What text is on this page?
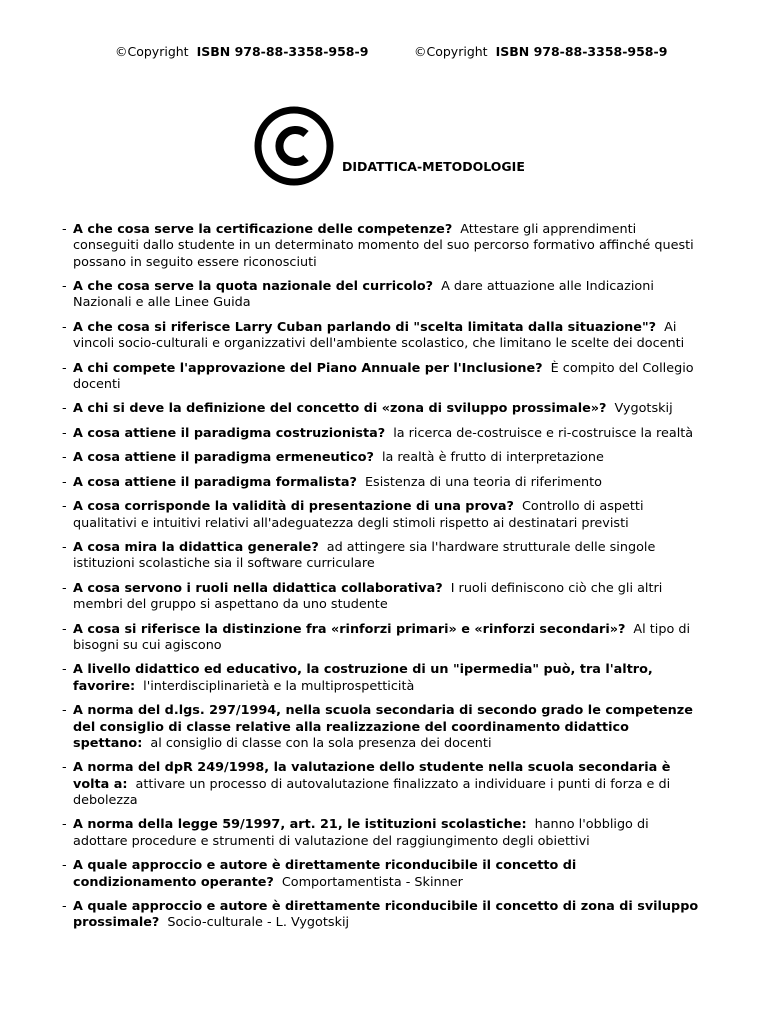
©Copyright ISBN 978-88-3358-958-9	©Copyright ISBN 978-88-3358-958-9
DIDATTICA-METODOLOGIE
- A che cosa serve la certificazione delle competenze? Attestare gli apprendimenti conseguiti dallo studente in un determinato momento del suo percorso formativo affinché questi possano in seguito essere riconosciuti
- A che cosa serve la quota nazionale del curricolo? A dare attuazione alle Indicazioni Nazionali e alle Linee Guida
- A che cosa si riferisce Larry Cuban parlando di "scelta limitata dalla situazione"? Ai vincoli socio-culturali e organizzativi dell'ambiente scolastico, che limitano le scelte dei docenti
- A chi compete l'approvazione del Piano Annuale per l'Inclusione? È compito del Collegio docenti
- A chi si deve la definizione del concetto di «zona di sviluppo prossimale»? Vygotskij
- A cosa attiene il paradigma costruzionista? la ricerca de-costruisce e ri-costruisce la realtà
- A cosa attiene il paradigma ermeneutico? la realtà è frutto di interpretazione
- A cosa attiene il paradigma formalista? Esistenza di una teoria di riferimento
- A cosa corrisponde la validità di presentazione di una prova? Controllo di aspetti qualitativi e intuitivi relativi all'adeguatezza degli stimoli rispetto ai destinatari previsti
- A cosa mira la didattica generale? ad attingere sia l'hardware strutturale delle singole istituzioni scolastiche sia il software curriculare
- A cosa servono i ruoli nella didattica collaborativa? I ruoli definiscono ciò che gli altri membri del gruppo si aspettano da uno studente
- A cosa si riferisce la distinzione fra «rinforzi primari» e «rinforzi secondari»? Al tipo di bisogni su cui agiscono
- A livello didattico ed educativo, la costruzione di un "ipermedia" può, tra l'altro, favorire: l'interdisciplinarietà e la multiprospetticità
- A norma del d.lgs. 297/1994, nella scuola secondaria di secondo grado le competenze del consiglio di classe relative alla realizzazione del coordinamento didattico spettano: al consiglio di classe con la sola presenza dei docenti
- A norma del dpR 249/1998, la valutazione dello studente nella scuola secondaria è volta a: attivare un processo di autovalutazione finalizzato a individuare i punti di forza e di debolezza
- A norma della legge 59/1997, art. 21, le istituzioni scolastiche: hanno l'obbligo di adottare procedure e strumenti di valutazione del raggiungimento degli obiettivi
- A quale approccio e autore è direttamente riconducibile il concetto di condizionamento operante? Comportamentista - Skinner
- A quale approccio e autore è direttamente riconducibile il concetto di zona di sviluppo prossimale? Socio-culturale - L. Vygotskij
